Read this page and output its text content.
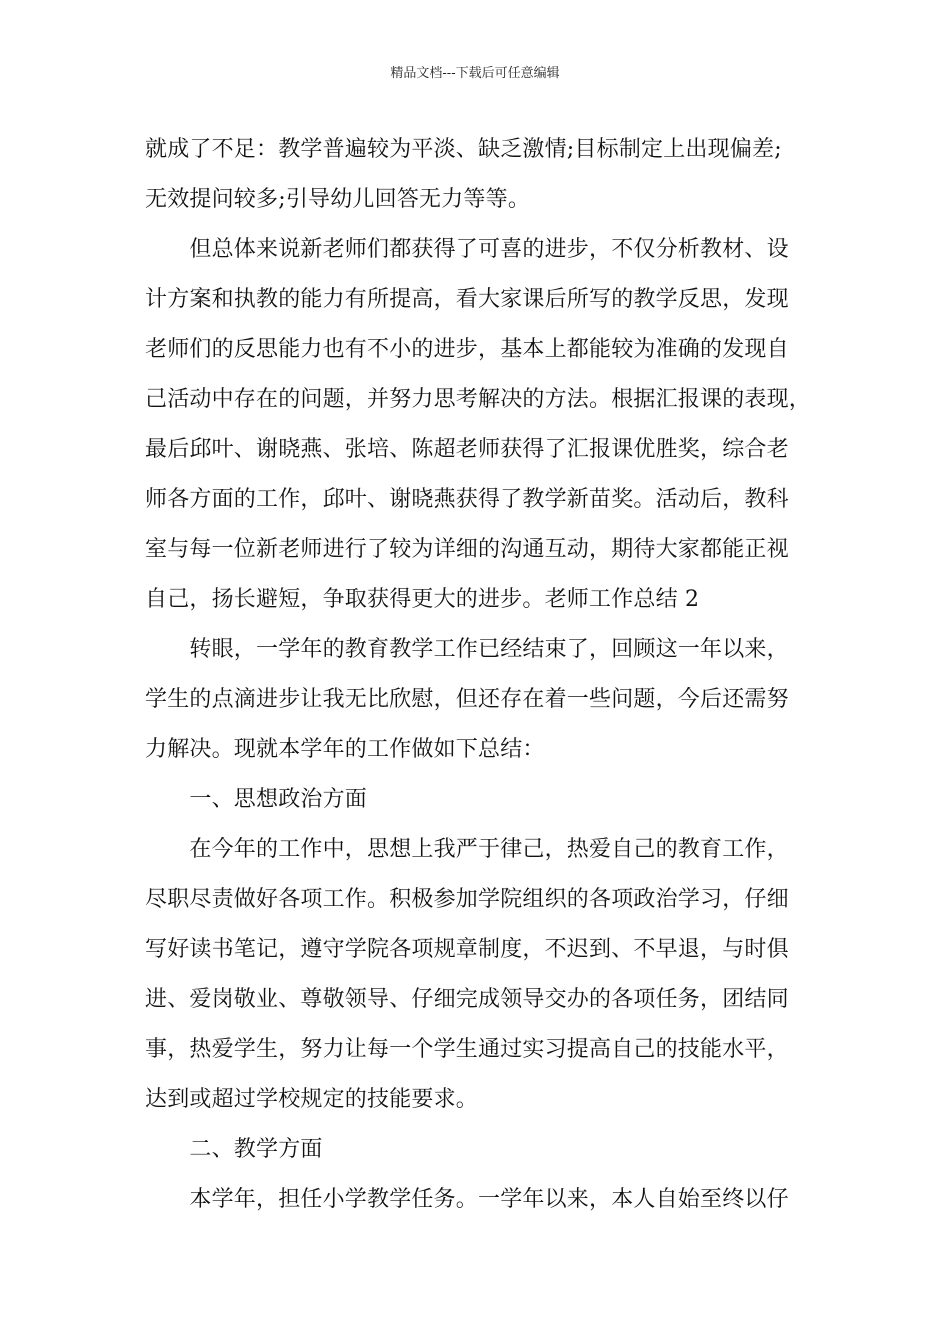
精品文档---下载后可任意编辑
就成了不足：教学普遍较为平淡、缺乏激情;目标制定上出现偏差;
无效提问较多;引导幼儿回答无力等等。
　　但总体来说新老师们都获得了可喜的进步，不仅分析教材、设
计方案和执教的能力有所提高，看大家课后所写的教学反思，发现
老师们的反思能力也有不小的进步，基本上都能较为准确的发现自
己活动中存在的问题，并努力思考解决的方法。根据汇报课的表现，
最后邱叶、谢晓燕、张培、陈超老师获得了汇报课优胜奖，综合老
师各方面的工作，邱叶、谢晓燕获得了教学新苗奖。活动后，教科
室与每一位新老师进行了较为详细的沟通互动，期待大家都能正视
自己，扬长避短，争取获得更大的进步。老师工作总结 2
　　转眼，一学年的教育教学工作已经结束了，回顾这一年以来，
学生的点滴进步让我无比欣慰，但还存在着一些问题，今后还需努
力解决。现就本学年的工作做如下总结：
　　一、思想政治方面
　　在今年的工作中，思想上我严于律己，热爱自己的教育工作，
尽职尽责做好各项工作。积极参加学院组织的各项政治学习，仔细
写好读书笔记，遵守学院各项规章制度，不迟到、不早退，与时俱
进、爱岗敬业、尊敬领导、仔细完成领导交办的各项任务，团结同
事，热爱学生，努力让每一个学生通过实习提高自己的技能水平，
达到或超过学校规定的技能要求。
　　二、教学方面
　　本学年，担任小学教学任务。一学年以来，本人自始至终以仔
